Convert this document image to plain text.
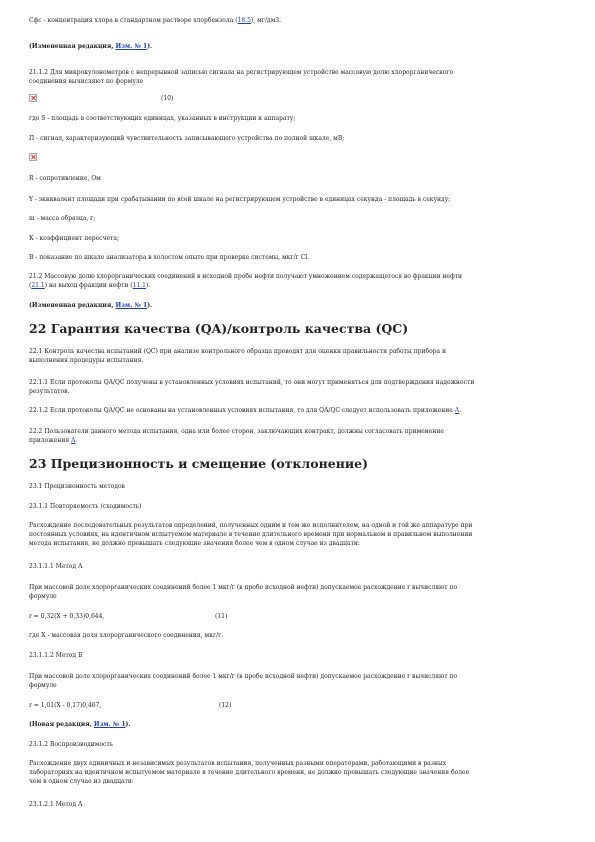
Сфс - концентрация хлора в стандартном растворе хлорбензола (18.5), мг/дм3.

(Измененная редакция, Изм. № 1).

21.1.2 Для микрокулонометров с непрерывной записью сигнала на регистрирующем устройстве массовую долю хлорорганического
соединения вычисляют по формуле

(10)

где S - площадь в соответствующих единицах, указанных в инструкции к аппарату;

П - сигнал, характеризующий чувствительность записывающего устройства по полной шкале, мВ;

R - сопротивление, Ом

Y - эквивалент площади при срабатывании по всей шкале на регистрирующем устройстве в единицах секунда - площадь в секунду;

m - масса образца, г;

К - коэффициент пересчета;

В - показание по шкале анализатора в холостом опыте при проверке системы, мкг/г Cl.

21.2 Массовую долю хлорорганических соединений в исходной пробе нефти получают умножением содержащегося во фракции нефти
(21.1) на выход фракции нефти (11.1).

(Измененная редакция, Изм. № 1).

22 Гарантия качества (QA)/контроль качества (QC)

22.1 Контроль качества испытаний (QC) при анализе контрольного образца проводят для оценки правильности работы прибора и
выполнения процедуры испытания.

22.1.1 Если протоколы QA/QC получены в установленных условиях испытаний, то они могут применяться для подтверждения надежности
результатов.

22.1.2 Если протоколы QA/QC не основаны на установленных условиях испытания, то для QA/QC следует использовать приложение А.

22.2 Пользователи данного метода испытания, одна или более сторон, заключающих контракт, должны согласовать применение
приложения А.

23 Прецизионность и смещение (отклонение)

23.1 Прецизионность методов

23.1.1 Повторяемость (сходимость)

Расхождение последовательных результатов определений, полученных одним и тем же исполнителем, на одной и той же аппаратуре при
постоянных условиях, на идентичном испытуемом материале в течение длительного времени при нормальном и правильном выполнении
метода испытания, не должно превышать следующие значения более чем в одном случае из двадцати:

23.1.1.1 Метод А

При массовой доле хлорорганических соединений более 1 мкг/г (в пробе исходной нефти) допускаемое расхождение r вычисляют по
формуле

r = 0,32(X + 0,33)0,644,	(11)

где X - массовая доля хлорорганического соединения, мкг/г.

23.1.1.2 Метод Б

При массовой доле хлорорганических соединений более 1 мкг/г (в пробе исходной нефти) допускаемое расхождение r вычисляют по
формуле

r = 1,01(X - 0,17)0,467,	(12)

(Новая редакция, Изм. № 1).

23.1.2 Воспроизводимость

Расхождение двух единичных и независимых результатов испытания, полученных разными операторами, работающими в разных
лабораториях на идентичном испытуемом материале в течение длительного времени, не должно превышать следующие значения более
чем в одном случае из двадцати:

23.1.2.1 Метод А
